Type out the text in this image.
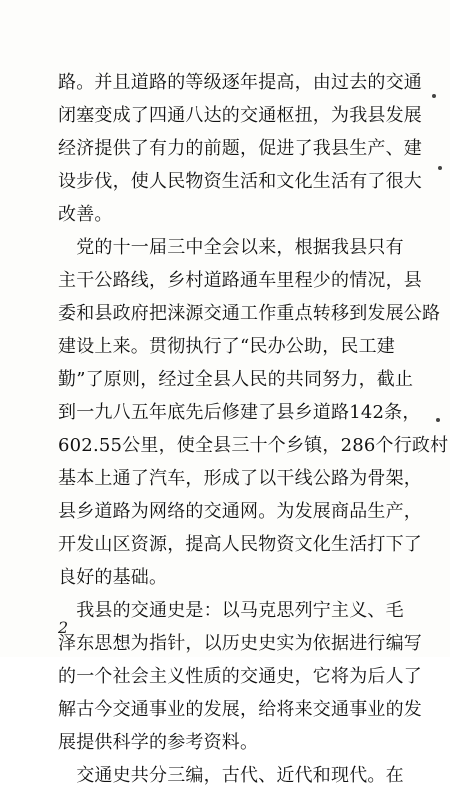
路。并且道路的等级逐年提高，由过去的交通
闭塞变成了四通八达的交通枢扭，为我县发展
经济提供了有力的前题，促进了我县生产、建
设步伐，使人民物资生活和文化生活有了很大
改善。
　党的十一届三中全会以来，根据我县只有
主干公路线，乡村道路通车里程少的情况，县
委和县政府把涞源交通工作重点转移到发展公路
建设上来。贯彻执行了“民办公助，民工建
勤”了原则，经过全县人民的共同努力，截止
到一九八五年底先后修建了县乡道路142条，
602.55公里，使全县三十个乡镇，286个行政村
基本上通了汽车，形成了以干线公路为骨架，
县乡道路为网络的交通网。为发展商品生产，
开发山区资源，提高人民物资文化生活打下了
良好的基础。
　我县的交通史是：以马克思列宁主义、毛
泽东思想为指针，以历史史实为依据进行编写
的一个社会主义性质的交通史，它将为后人了
解古今交通事业的发展，给将来交通事业的发
展提供科学的参考资料。
　交通史共分三编，古代、近代和现代。在
2
